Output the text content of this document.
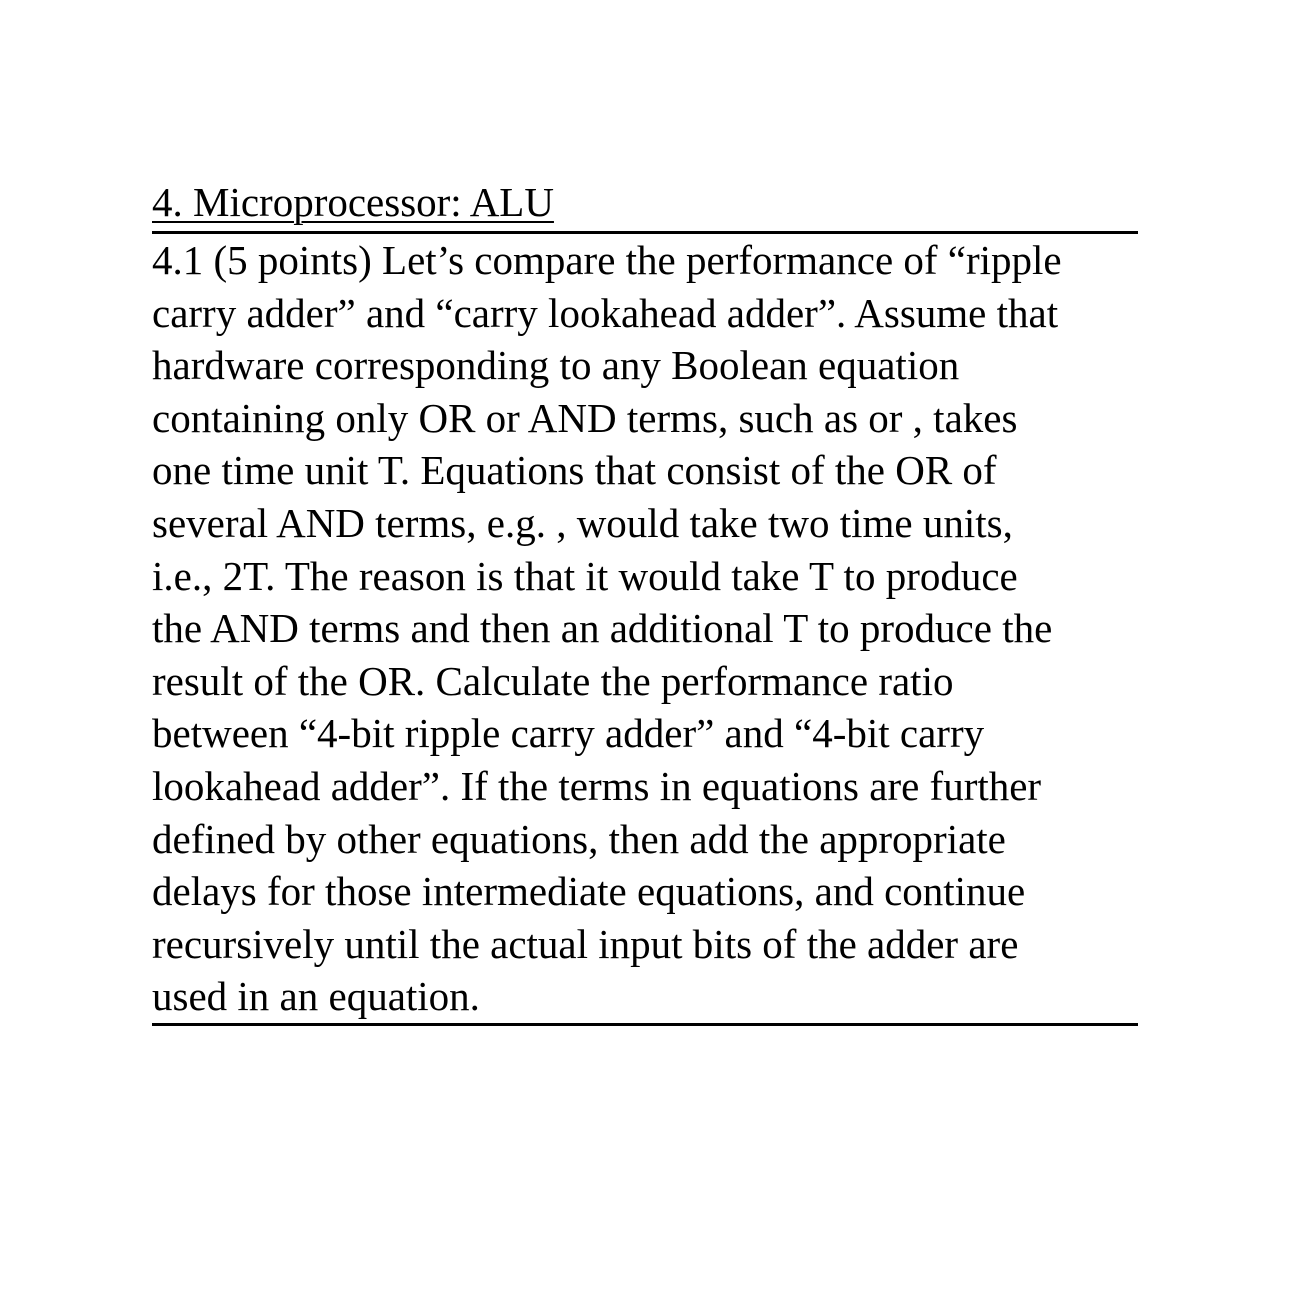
4. Microprocessor: ALU
4.1 (5 points) Let’s compare the performance of “ripple
carry adder” and “carry lookahead adder”. Assume that
hardware corresponding to any Boolean equation
containing only OR or AND terms, such as or , takes
one time unit T. Equations that consist of the OR of
several AND terms, e.g. , would take two time units,
i.e., 2T. The reason is that it would take T to produce
the AND terms and then an additional T to produce the
result of the OR. Calculate the performance ratio
between “4-bit ripple carry adder” and “4-bit carry
lookahead adder”. If the terms in equations are further
defined by other equations, then add the appropriate
delays for those intermediate equations, and continue
recursively until the actual input bits of the adder are
used in an equation.
